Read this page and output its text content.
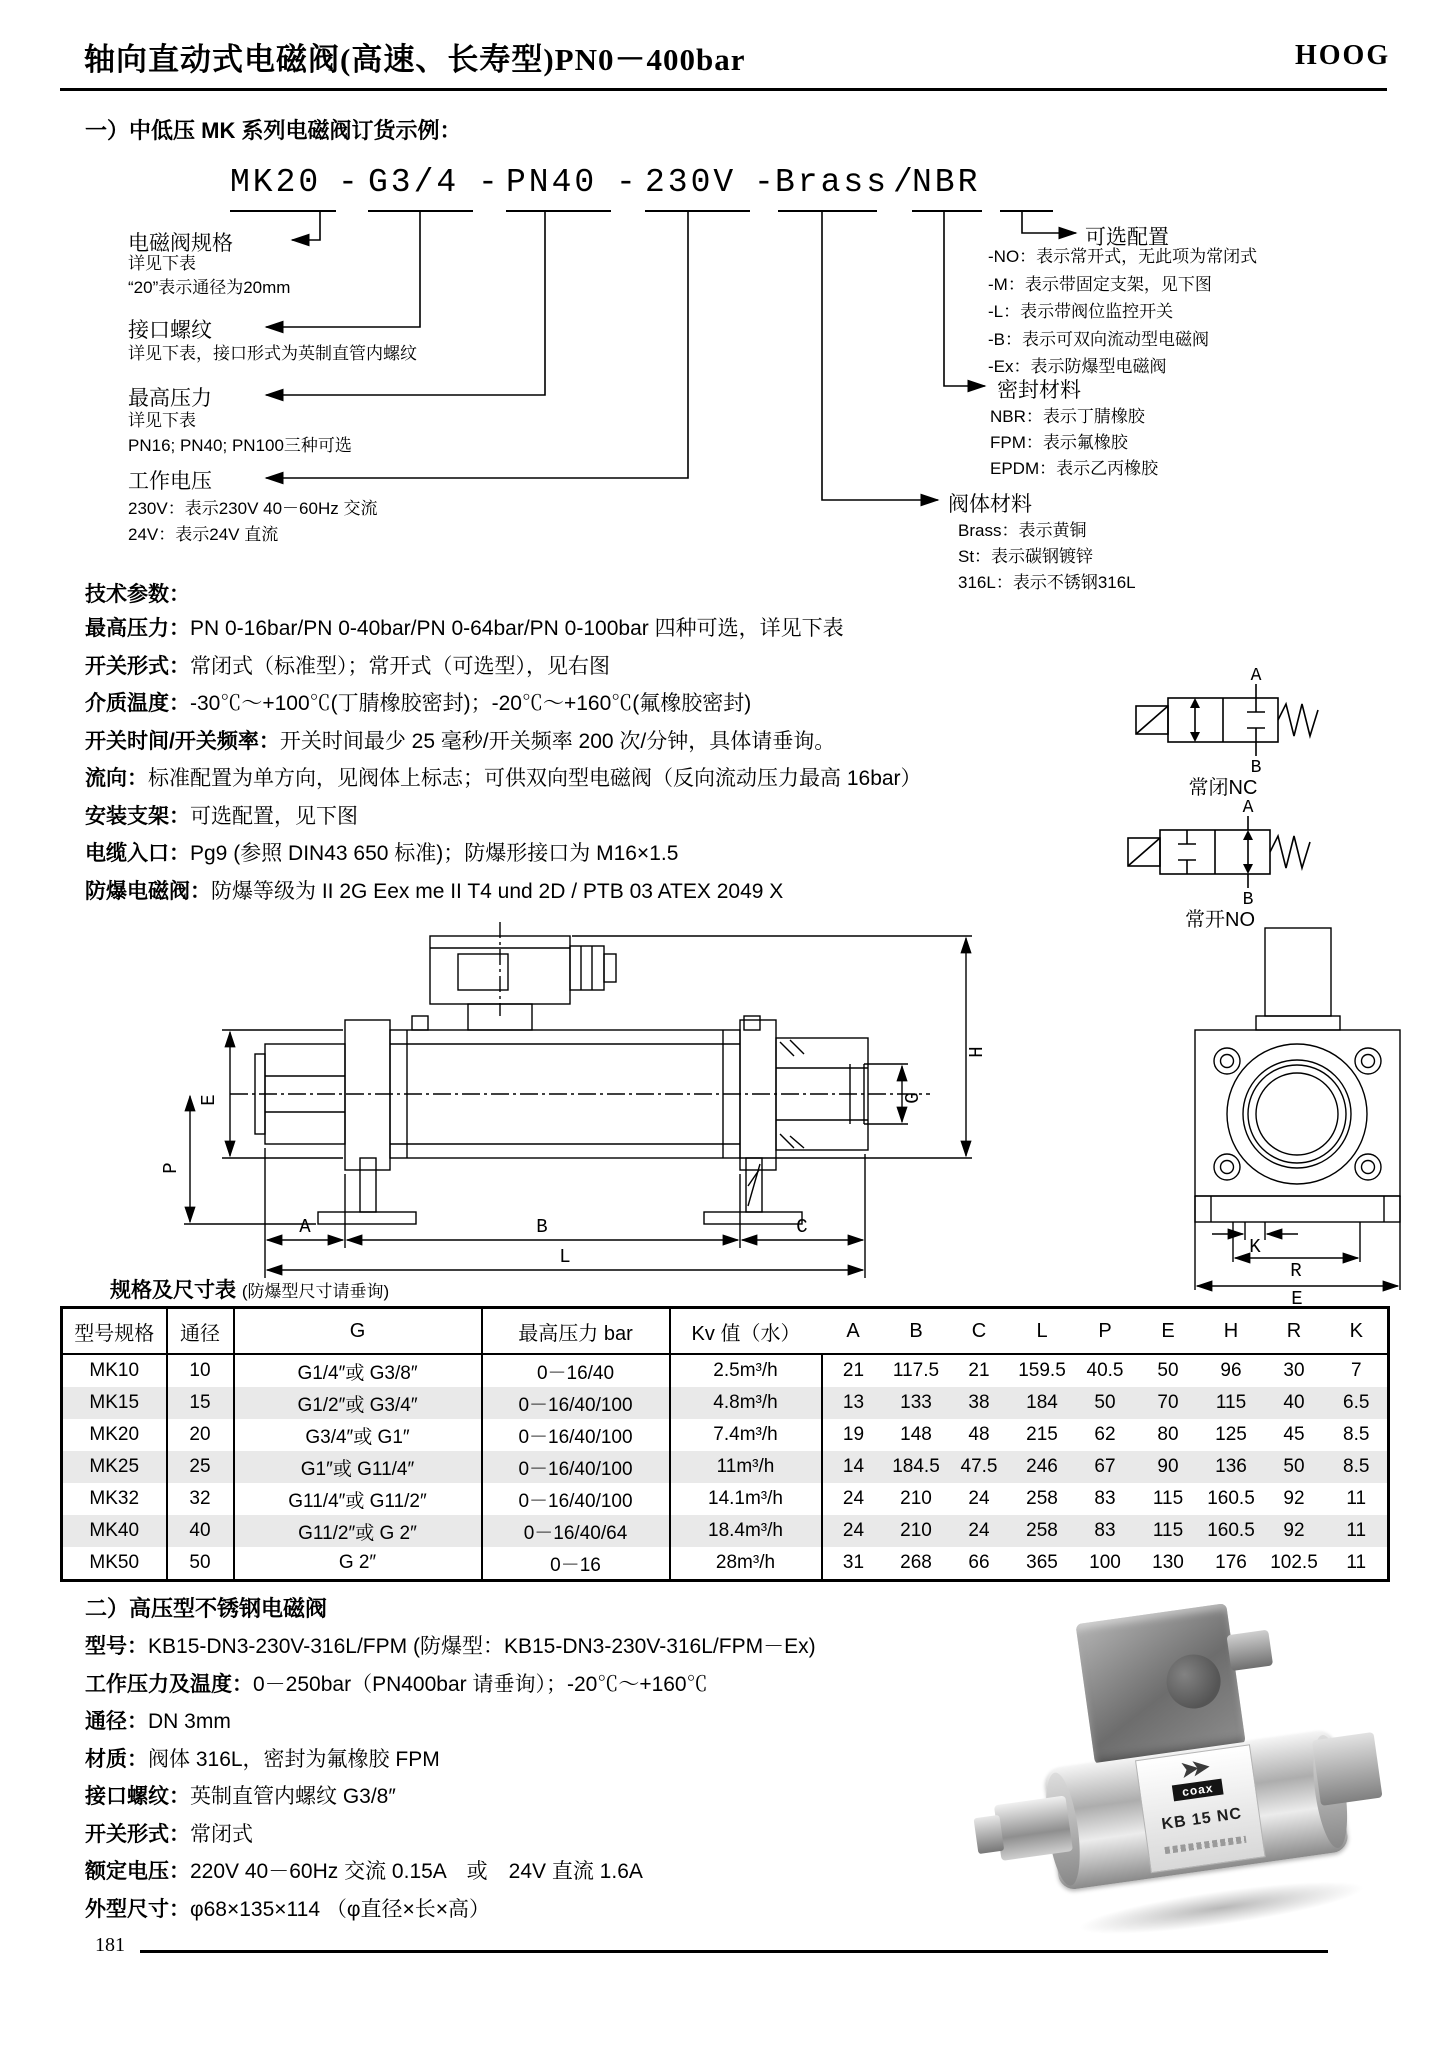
轴向直动式电磁阀(高速、长寿型)PN0－400bar	HOOG
一）中低压 MK 系列电磁阀订货示例：
MK20 - G3/4 - PN40 - 230V -
Brass /
NBR
电磁阀规格
详见下表
“20”表示通径为20mm
接口螺纹
详见下表，接口形式为英制直管内螺纹
最高压力
详见下表
PN16; PN40; PN100三种可选
工作电压
230V：表示230V 40－60Hz 交流
24V：表示24V 直流
可选配置
-NO：表示常开式，无此项为常闭式
-M：表示带固定支架，见下图
-L：表示带阀位监控开关
-B：表示可双向流动型电磁阀
-Ex：表示防爆型电磁阀
密封材料
NBR：表示丁腈橡胶
FPM：表示氟橡胶
EPDM：表示乙丙橡胶
阀体材料
Brass：表示黄铜
St：表示碳钢镀锌
316L：表示不锈钢316L
技术参数：
最高压力：PN 0-16bar/PN 0-40bar/PN 0-64bar/PN 0-100bar 四种可选，详见下表
开关形式：常闭式（标准型）；常开式（可选型），见右图
介质温度：-30℃～+100℃(丁腈橡胶密封)；-20℃～+160℃(氟橡胶密封)
开关时间/开关频率：开关时间最少 25 毫秒/开关频率 200 次/分钟，具体请垂询。
流向：标准配置为单方向，见阀体上标志；可供双向型电磁阀（反向流动压力最高 16bar）
安装支架：可选配置，见下图
电缆入口：Pg9 (参照 DIN43 650 标准)；防爆形接口为 M16×1.5
防爆电磁阀：防爆等级为 II 2G Eex me II T4 und 2D / PTB 03 ATEX 2049 X
A
B
常闭NC
A
B
常开NO
E
P
G
H
A	B	C
L	K
R
E
规格及尺寸表 (防爆型尺寸请垂询)
型号规格	通径	G	最高压力 bar	Kv 值（水）	A	B	C	L	P	E	H	R	K
MK10	10	G1/4″或 G3/8″	0－16/40	2.5m³/h	21	117.5	21	159.5	40.5	50	96	30	7
MK15	15	G1/2″或 G3/4″	0－16/40/100	4.8m³/h	13	133	38	184	50	70	115	40	6.5
MK20	20	G3/4″或 G1″	0－16/40/100	7.4m³/h	19	148	48	215	62	80	125	45	8.5
MK25	25	G1″或 G11/4″	0－16/40/100	11m³/h	14	184.5	47.5	246	67	90	136	50	8.5
MK32	32	G11/4″或 G11/2″	0－16/40/100	14.1m³/h	24	210	24	258	83	115	160.5	92	11
MK40	40	G11/2″或 G 2″	0－16/40/64	18.4m³/h	24	210	24	258	83	115	160.5	92	11
MK50	50	G 2″	0－16	28m³/h	31	268	66	365	100	130	176	102.5	11
二）高压型不锈钢电磁阀
型号：KB15-DN3-230V-316L/FPM (防爆型：KB15-DN3-230V-316L/FPM－Ex)
工作压力及温度：0－250bar（PN400bar 请垂询）；-20℃～+160℃
通径：DN 3mm
材质：阀体 316L，密封为氟橡胶 FPM
接口螺纹：英制直管内螺纹 G3/8″
开关形式：常闭式
额定电压：220V 40－60Hz 交流 0.15A　或　24V 直流 1.6A
外型尺寸：φ68×135×114 （φ直径×长×高）
➤➤
coax
KB 15 NC
181
